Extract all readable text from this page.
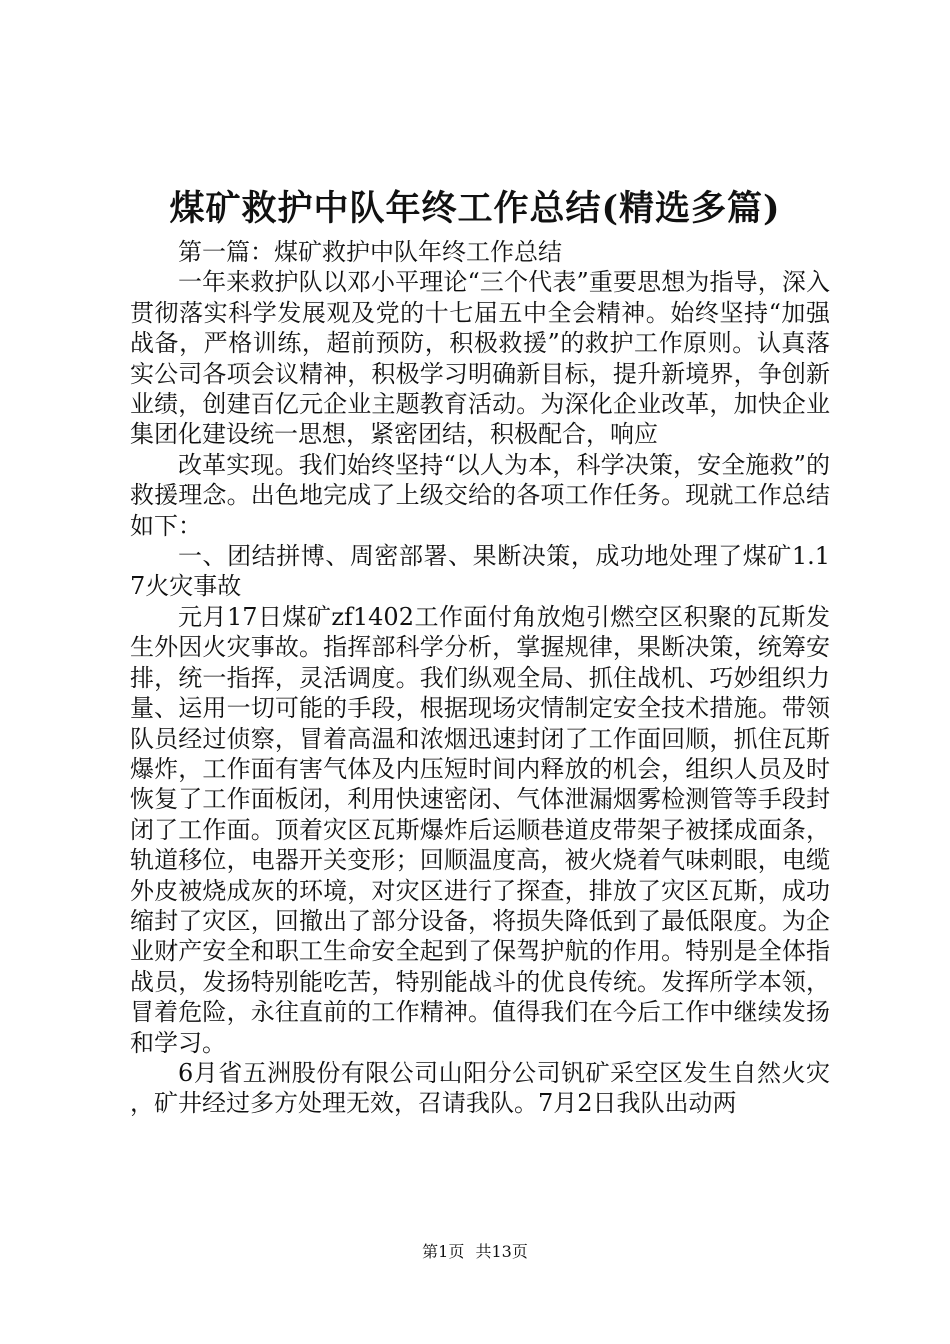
煤矿救护中队年终工作总结(精选多篇)

第一篇：煤矿救护中队年终工作总结

一年来救护队以邓小平理论“三个代表”重要思想为指导，深入贯彻落实科学发展观及党的十七届五中全会精神。始终坚持“加强战备，严格训练，超前预防，积极救援”的救护工作原则。认真落实公司各项会议精神，积极学习明确新目标，提升新境界，争创新业绩，创建百亿元企业主题教育活动。为深化企业改革，加快企业集团化建设统一思想，紧密团结，积极配合，响应

改革实现。我们始终坚持“以人为本，科学决策，安全施救”的救援理念。出色地完成了上级交给的各项工作任务。现就工作总结如下：

一、团结拼博、周密部署、果断决策，成功地处理了煤矿1.17火灾事故

元月17日煤矿zf1402工作面付角放炮引燃空区积聚的瓦斯发生外因火灾事故。指挥部科学分析，掌握规律，果断决策，统筹安排，统一指挥，灵活调度。我们纵观全局、抓住战机、巧妙组织力量、运用一切可能的手段，根据现场灾情制定安全技术措施。带领队员经过侦察，冒着高温和浓烟迅速封闭了工作面回顺，抓住瓦斯爆炸，工作面有害气体及内压短时间内释放的机会，组织人员及时恢复了工作面板闭，利用快速密闭、气体泄漏烟雾检测管等手段封闭了工作面。顶着灾区瓦斯爆炸后运顺巷道皮带架子被揉成面条，轨道移位，电器开关变形；回顺温度高，被火烧着气味刺眼，电缆外皮被烧成灰的环境，对灾区进行了探查，排放了灾区瓦斯，成功缩封了灾区，回撤出了部分设备，将损失降低到了最低限度。为企业财产安全和职工生命安全起到了保驾护航的作用。特别是全体指战员，发扬特别能吃苦，特别能战斗的优良传统。发挥所学本领，冒着危险，永往直前的工作精神。值得我们在今后工作中继续发扬和学习。

6月省五洲股份有限公司山阳分公司钒矿采空区发生自然火灾，矿井经过多方处理无效，召请我队。7月2日我队出动两

第1页 共13页
